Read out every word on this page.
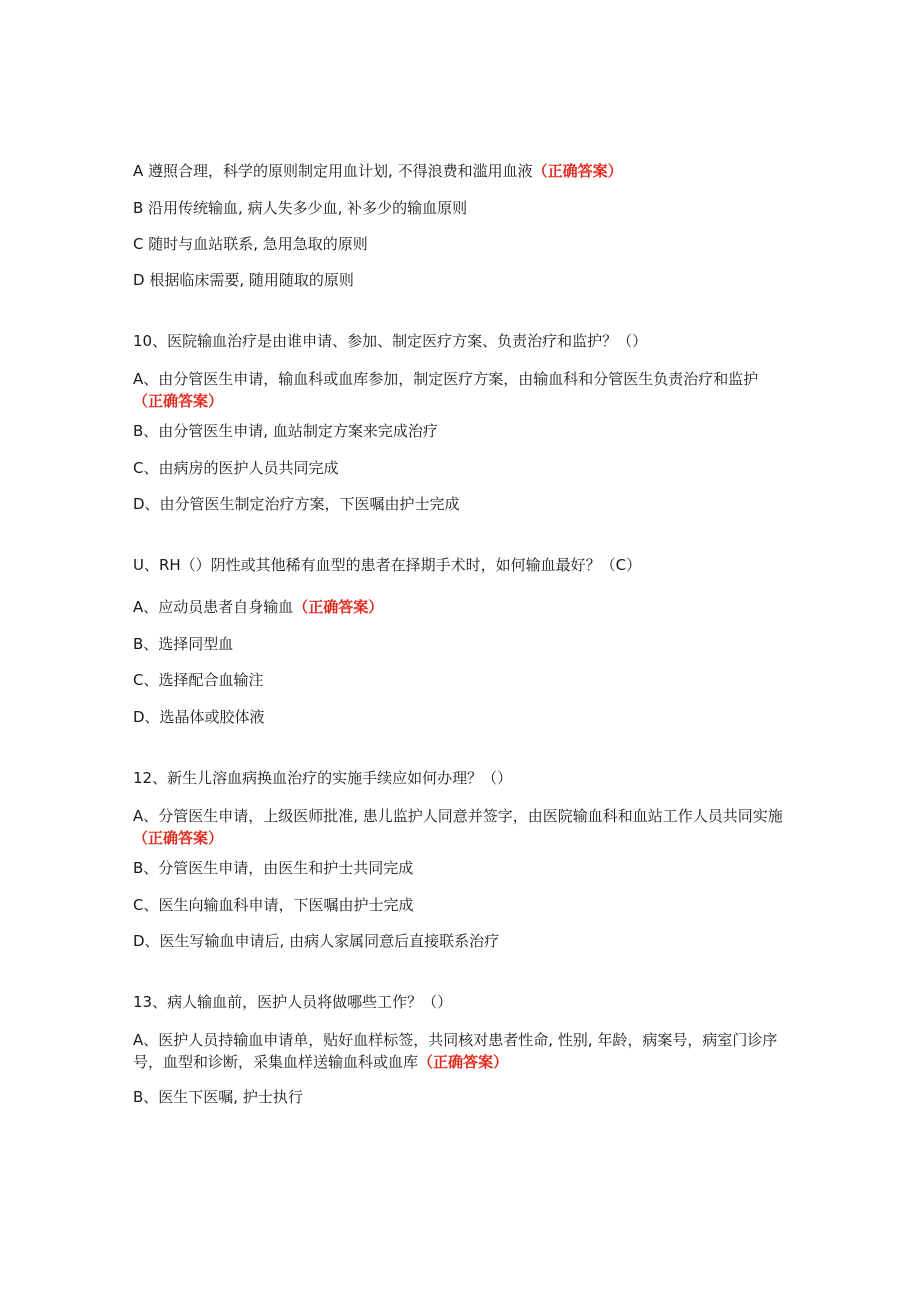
A 遵照合理，科学的原则制定用血计划, 不得浪费和滥用血液（正确答案）
B 沿用传统输血, 病人失多少血, 补多少的输血原则
C 随时与血站联系, 急用急取的原则
D 根据临床需要, 随用随取的原则
10、医院输血治疗是由谁申请、参加、制定医疗方案、负责治疗和监护？（）
A、由分管医生申请，输血科或血库参加，制定医疗方案，由输血科和分管医生负责治疗和监护（正确答案）
B、由分管医生申请, 血站制定方案来完成治疗
C、由病房的医护人员共同完成
D、由分管医生制定治疗方案，下医嘱由护士完成
U、RH（）阴性或其他稀有血型的患者在择期手术时，如何输血最好？（C）
A、应动员患者自身输血（正确答案）
B、选择同型血
C、选择配合血输注
D、选晶体或胶体液
12、新生儿溶血病换血治疗的实施手续应如何办理？（）
A、分管医生申请，上级医师批准, 患儿监护人同意并签字，由医院输血科和血站工作人员共同实施（正确答案）
B、分管医生申请，由医生和护士共同完成
C、医生向输血科申请，下医嘱由护士完成
D、医生写输血申请后, 由病人家属同意后直接联系治疗
13、病人输血前，医护人员将做哪些工作？（）
A、医护人员持输血申请单，贴好血样标签，共同核对患者性命, 性别, 年龄，病案号，病室门诊序号，血型和诊断，采集血样送输血科或血库（正确答案）
B、医生下医嘱, 护士执行
